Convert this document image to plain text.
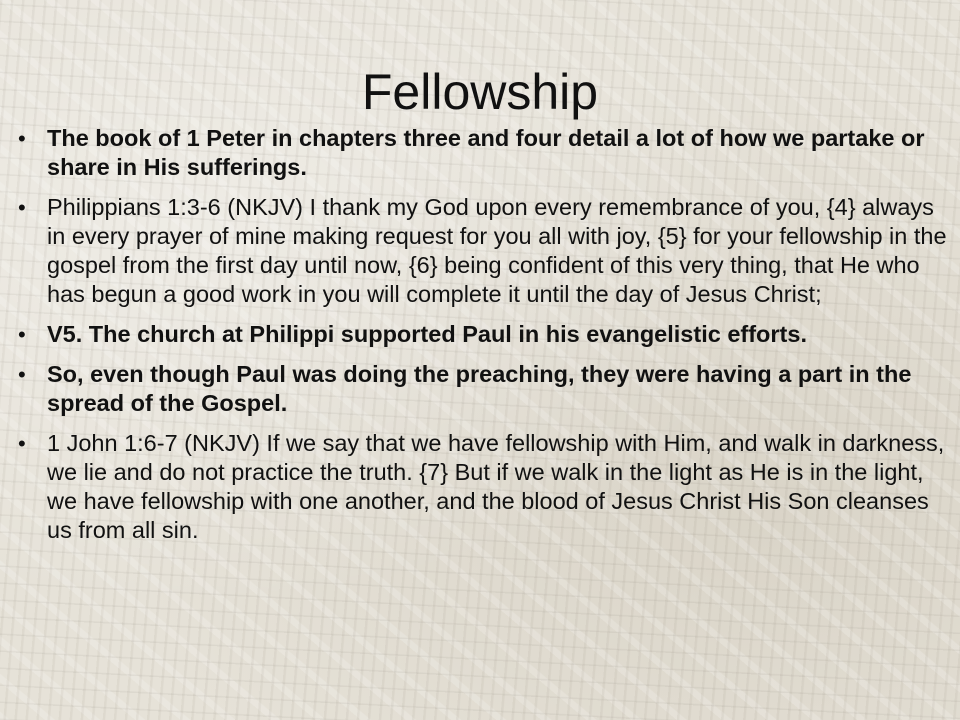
Fellowship
• The book of 1 Peter in chapters three and four detail a lot of how we partake or share in His sufferings.
• Philippians 1:3-6 (NKJV) I thank my God upon every remembrance of you, {4} always in every prayer of mine making request for you all with joy, {5} for your fellowship in the gospel from the first day until now, {6} being confident of this very thing, that He who has begun a good work in you will complete it until the day of Jesus Christ;
• V5. The church at Philippi supported Paul in his evangelistic efforts.
• So, even though Paul was doing the preaching, they were having a part in the spread of the Gospel.
• 1 John 1:6-7 (NKJV) If we say that we have fellowship with Him, and walk in darkness, we lie and do not practice the truth. {7} But if we walk in the light as He is in the light, we have fellowship with one another, and the blood of Jesus Christ His Son cleanses us from all sin.
